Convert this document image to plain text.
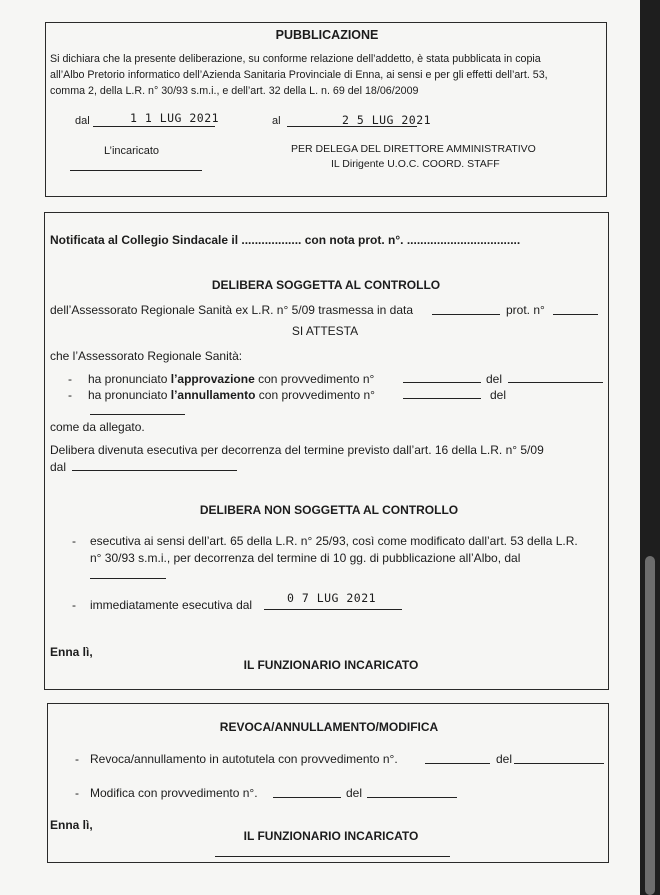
PUBBLICAZIONE
Si dichiara che la presente deliberazione, su conforme relazione dell’addetto, è stata pubblicata in copia
all’Albo Pretorio informatico dell’Azienda Sanitaria Provinciale di Enna, ai sensi e per gli effetti dell’art. 53,
comma 2, della L.R. n° 30/93 s.m.i., e dell’art. 32 della L. n. 69 del 18/06/2009
dal	1 1 LUG 2021	al	2 5 LUG 2021
L’incaricato	PER DELEGA DEL DIRETTORE AMMINISTRATIVO
IL Dirigente U.O.C. COORD. STAFF
Notificata al Collegio Sindacale il .................. con nota prot. n°. ..................................
DELIBERA SOGGETTA AL CONTROLLO
dell’Assessorato Regionale Sanità ex L.R. n° 5/09 trasmessa in data	prot. n°
SI ATTESTA
che l’Assessorato Regionale Sanità:
- ha pronunciato l’approvazione con provvedimento n°	del
- ha pronunciato l’annullamento con provvedimento n°	del
come da allegato.
Delibera divenuta esecutiva per decorrenza del termine previsto dall’art. 16 della L.R. n° 5/09
dal
DELIBERA NON SOGGETTA AL CONTROLLO
- esecutiva ai sensi dell’art. 65 della L.R. n° 25/93, così come modificato dall’art. 53 della L.R.
n° 30/93 s.m.i., per decorrenza del termine di 10 gg. di pubblicazione all’Albo, dal
- immediatamente esecutiva dal	0 7 LUG 2021
Enna lì,
IL FUNZIONARIO INCARICATO
REVOCA/ANNULLAMENTO/MODIFICA
- Revoca/annullamento in autotutela con provvedimento n°.	del
- Modifica con provvedimento n°.	del
Enna lì,
IL FUNZIONARIO INCARICATO
